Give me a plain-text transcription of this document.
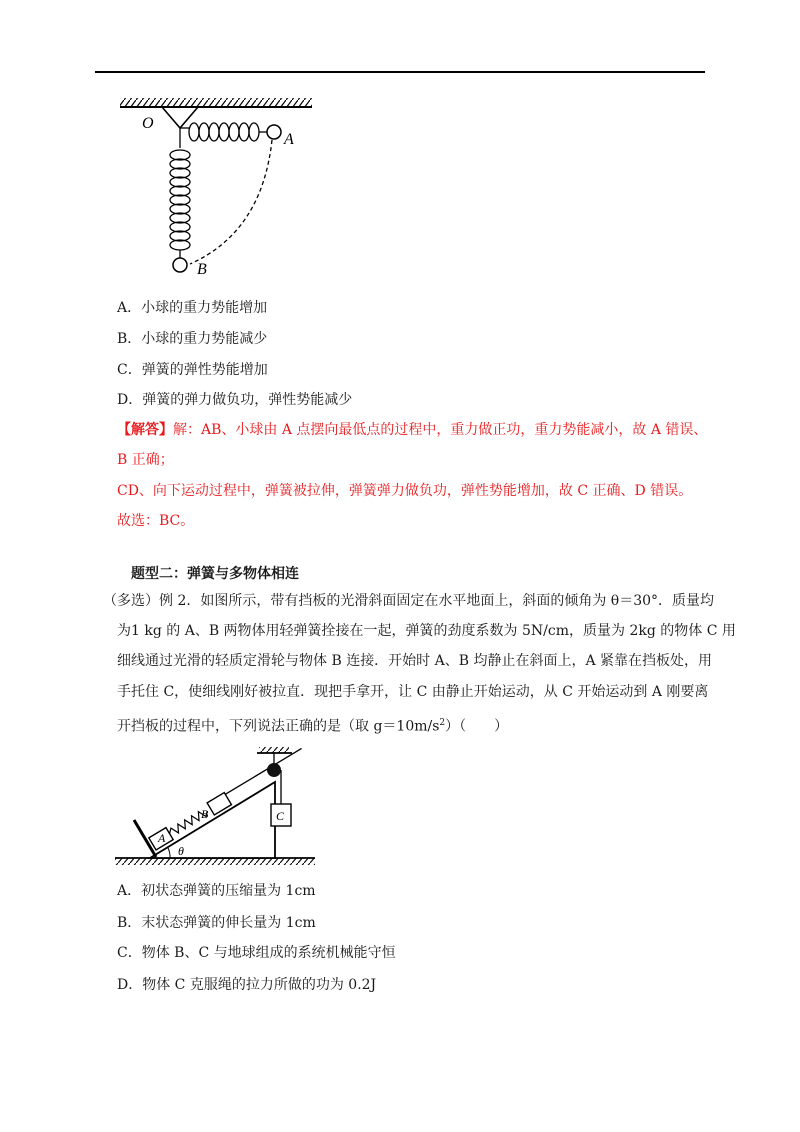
O
A
B
A．小球的重力势能增加
B．小球的重力势能减少
C．弹簧的弹性势能增加
D．弹簧的弹力做负功，弹性势能减少
【解答】解：AB、小球由 A 点摆向最低点的过程中，重力做正功，重力势能减小，故 A 错误、
B 正确；
CD、向下运动过程中，弹簧被拉伸，弹簧弹力做负功，弹性势能增加，故 C 正确、D 错误。
故选：BC。
题型二：弹簧与多物体相连
（多选）例 2．如图所示，带有挡板的光滑斜面固定在水平地面上，斜面的倾角为 θ＝30°．质量均
为1 kg 的 A、B 两物体用轻弹簧拴接在一起，弹簧的劲度系数为 5N/cm，质量为 2kg 的物体 C 用
细线通过光滑的轻质定滑轮与物体 B 连接．开始时 A、B 均静止在斜面上，A 紧靠在挡板处，用
手托住 C，使细线刚好被拉直．现把手拿开，让 C 由静止开始运动，从 C 开始运动到 A 刚要离
开挡板的过程中，下列说法正确的是（取 $g=10m/s^2$）（　　）
A
B	C
θ
A．初状态弹簧的压缩量为 1cm
B．末状态弹簧的伸长量为 1cm
C．物体 B、C 与地球组成的系统机械能守恒
D．物体 C 克服绳的拉力所做的功为 0.2J
